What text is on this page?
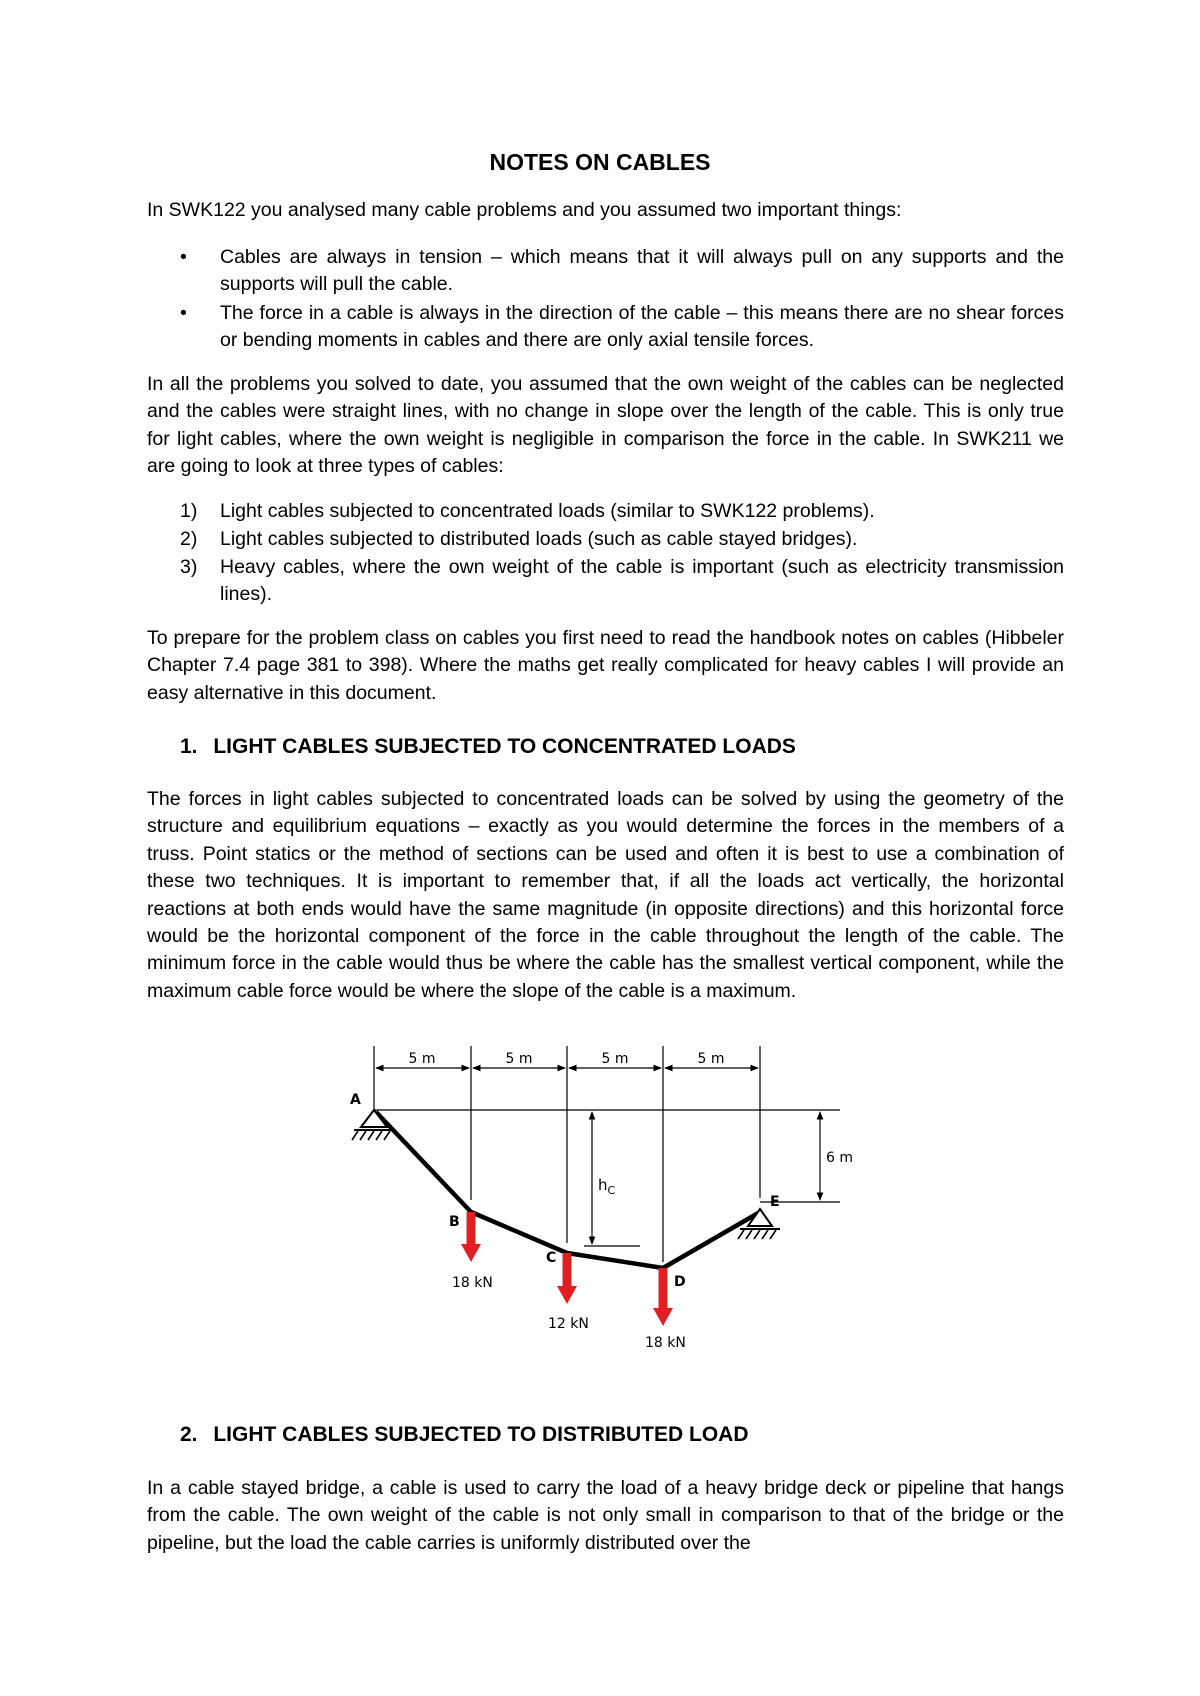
NOTES ON CABLES
In SWK122 you analysed many cable problems and you assumed two important things:
•	Cables are always in tension – which means that it will always pull on any supports and the supports will pull the cable.
•	The force in a cable is always in the direction of the cable – this means there are no shear forces or bending moments in cables and there are only axial tensile forces.
In all the problems you solved to date, you assumed that the own weight of the cables can be neglected and the cables were straight lines, with no change in slope over the length of the cable. This is only true for light cables, where the own weight is negligible in comparison the force in the cable. In SWK211 we are going to look at three types of cables:
1)	Light cables subjected to concentrated loads (similar to SWK122 problems).
2)	Light cables subjected to distributed loads (such as cable stayed bridges).
3)	Heavy cables, where the own weight of the cable is important (such as electricity transmission lines).
To prepare for the problem class on cables you first need to read the handbook notes on cables (Hibbeler Chapter 7.4 page 381 to 398). Where the maths get really complicated for heavy cables I will provide an easy alternative in this document.
1. LIGHT CABLES SUBJECTED TO CONCENTRATED LOADS
The forces in light cables subjected to concentrated loads can be solved by using the geometry of the structure and equilibrium equations – exactly as you would determine the forces in the members of a truss. Point statics or the method of sections can be used and often it is best to use a combination of these two techniques. It is important to remember that, if all the loads act vertically, the horizontal reactions at both ends would have the same magnitude (in opposite directions) and this horizontal force would be the horizontal component of the force in the cable throughout the length of the cable. The minimum force in the cable would thus be where the cable has the smallest vertical component, while the maximum cable force would be where the slope of the cable is a maximum.
5 m	5 m	5 m	5 m
6 m
$h_C$
A
B
C
D
E
18 kN
12 kN
18 kN
2. LIGHT CABLES SUBJECTED TO DISTRIBUTED LOAD
In a cable stayed bridge, a cable is used to carry the load of a heavy bridge deck or pipeline that hangs from the cable. The own weight of the cable is not only small in comparison to that of the bridge or the pipeline, but the load the cable carries is uniformly distributed over the
